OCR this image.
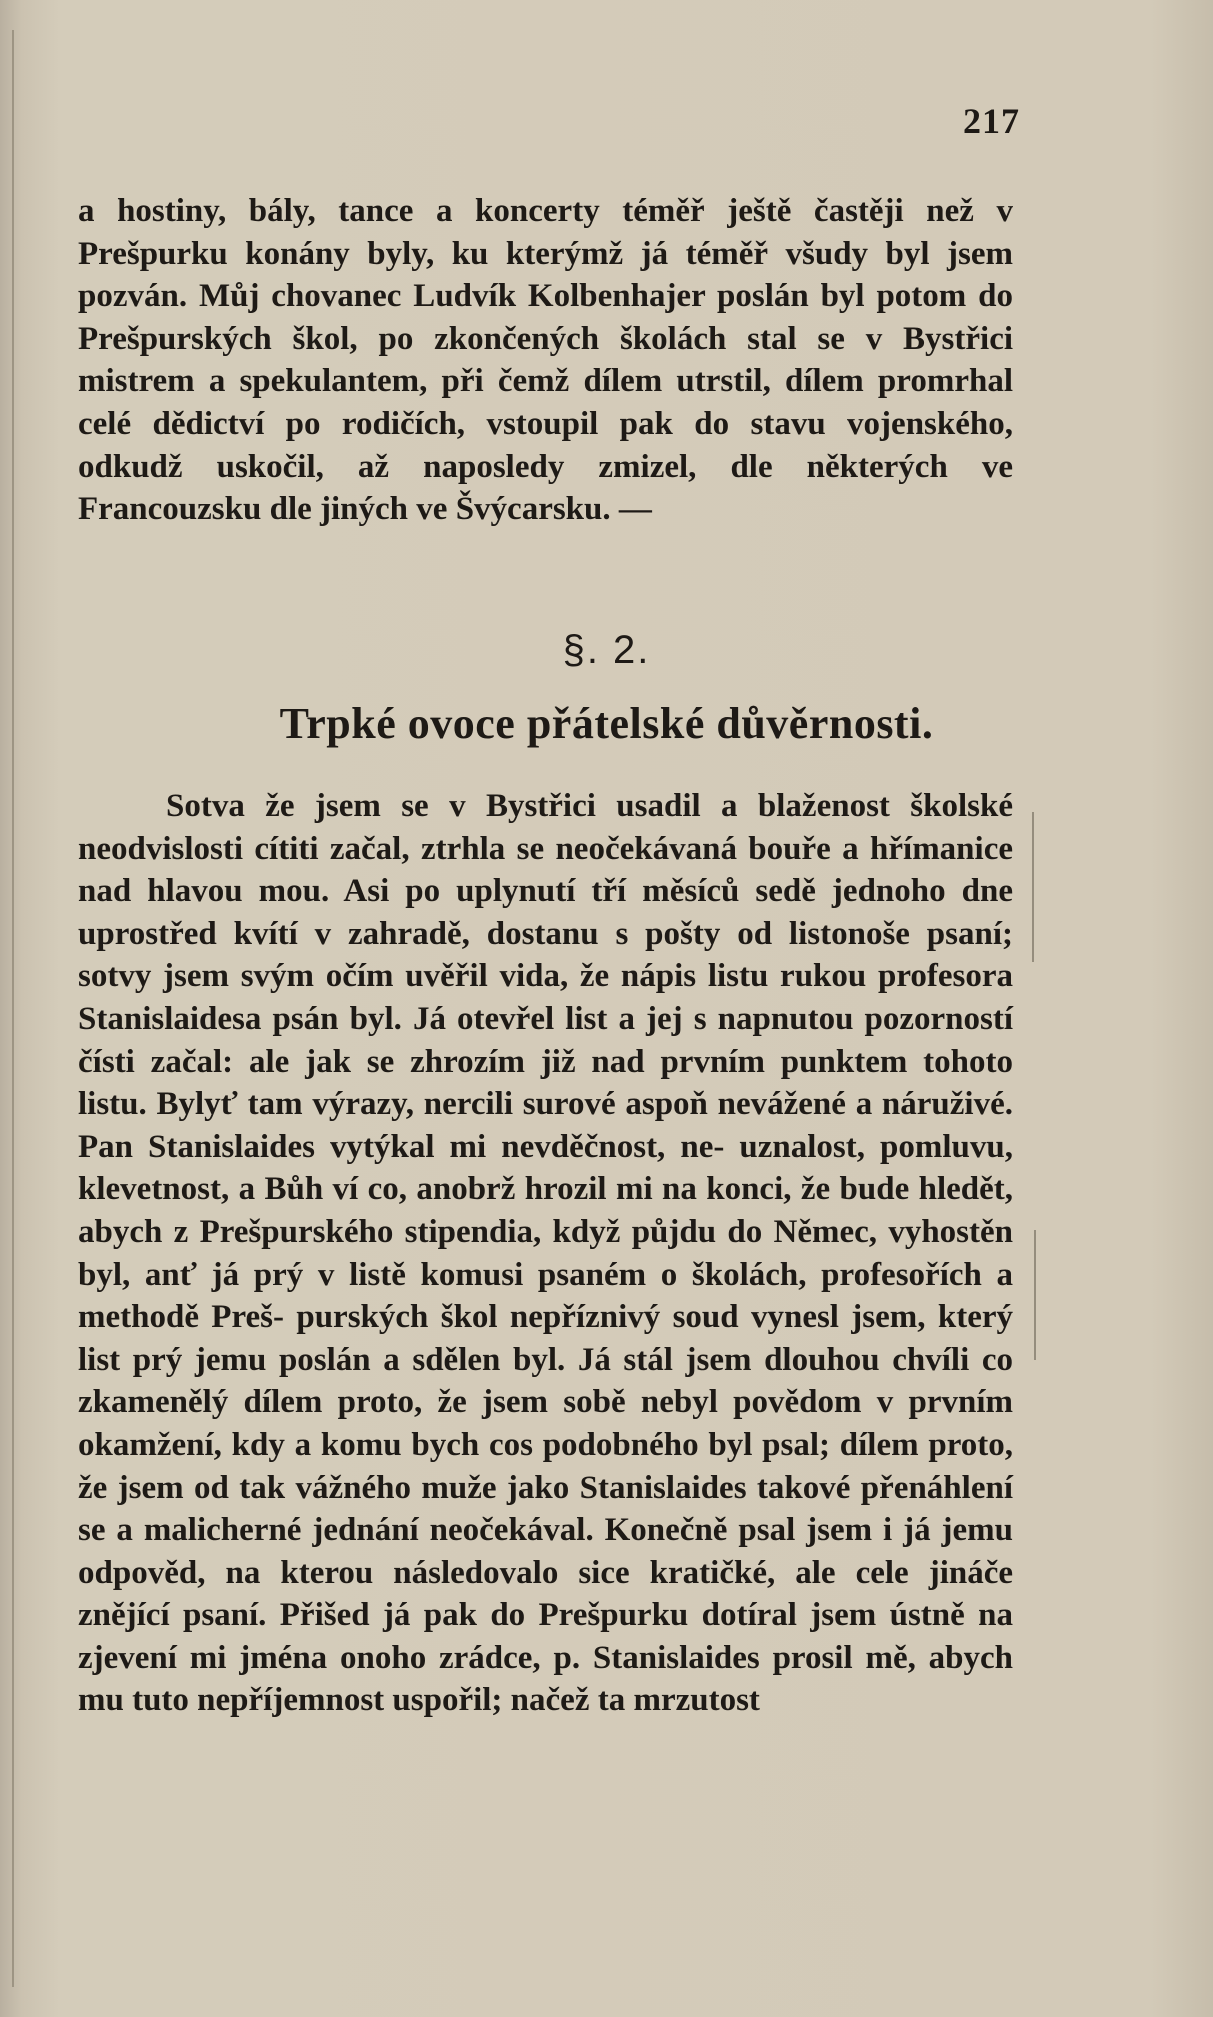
217

a hostiny, bály, tance a koncerty téměř ještě častěji než v Prešpurku konány byly, ku kterýmž já téměř všudy byl jsem pozván. Můj chovanec Ludvík Kolbenhajer poslán byl potom do Prešpurských škol, po zkončených školách stal se v Bystřici mistrem a spekulantem, při čemž dílem utrstil, dílem promrhal celé dědictví po rodičích, vstoupil pak do stavu vojenského, odkudž uskočil, až naposledy zmizel, dle některých ve Francouzsku dle jiných ve Švýcarsku. —

§. 2.
Trpké ovoce přátelské důvěrnosti.

Sotva že jsem se v Bystřici usadil a blaženost školské neodvislosti cítiti začal, ztrhla se neočekávaná bouře a hřímanice nad hlavou mou. Asi po uplynutí tří měsíců sedě jednoho dne uprostřed kvítí v zahradě, dostanu s pošty od listonoše psaní; sotvy jsem svým očím uvěřil vida, že nápis listu rukou profesora Stanislaidesa psán byl. Já otevřel list a jej s napnutou pozorností čísti začal: ale jak se zhrozím již nad prvním punktem tohoto listu. Bylyť tam výrazy, nercili surové aspoň nevážené a náruživé. Pan Stanislaides vytýkal mi nevděčnost, ne- uznalost, pomluvu, klevetnost, a Bůh ví co, anobrž hrozil mi na konci, že bude hledět, abych z Prešpurského stipendia, když půjdu do Němec, vyhostěn byl, anť já prý v listě komusi psaném o školách, profesořích a methodě Preš- purských škol nepříznivý soud vynesl jsem, který list prý jemu poslán a sdělen byl. Já stál jsem dlouhou chvíli co zkamenělý dílem proto, že jsem sobě nebyl povědom v prvním okamžení, kdy a komu bych cos podobného byl psal; dílem proto, že jsem od tak vážného muže jako Stanislaides takové přenáhlení se a malicherné jednání neočekával. Konečně psal jsem i já jemu odpověd, na kterou následovalo sice kratičké, ale cele jináče znějící psaní. Přišed já pak do Prešpurku dotíral jsem ústně na zjevení mi jména onoho zrádce, p. Stanislaides prosil mě, abych mu tuto nepříjemnost uspořil; načež ta mrzutost
